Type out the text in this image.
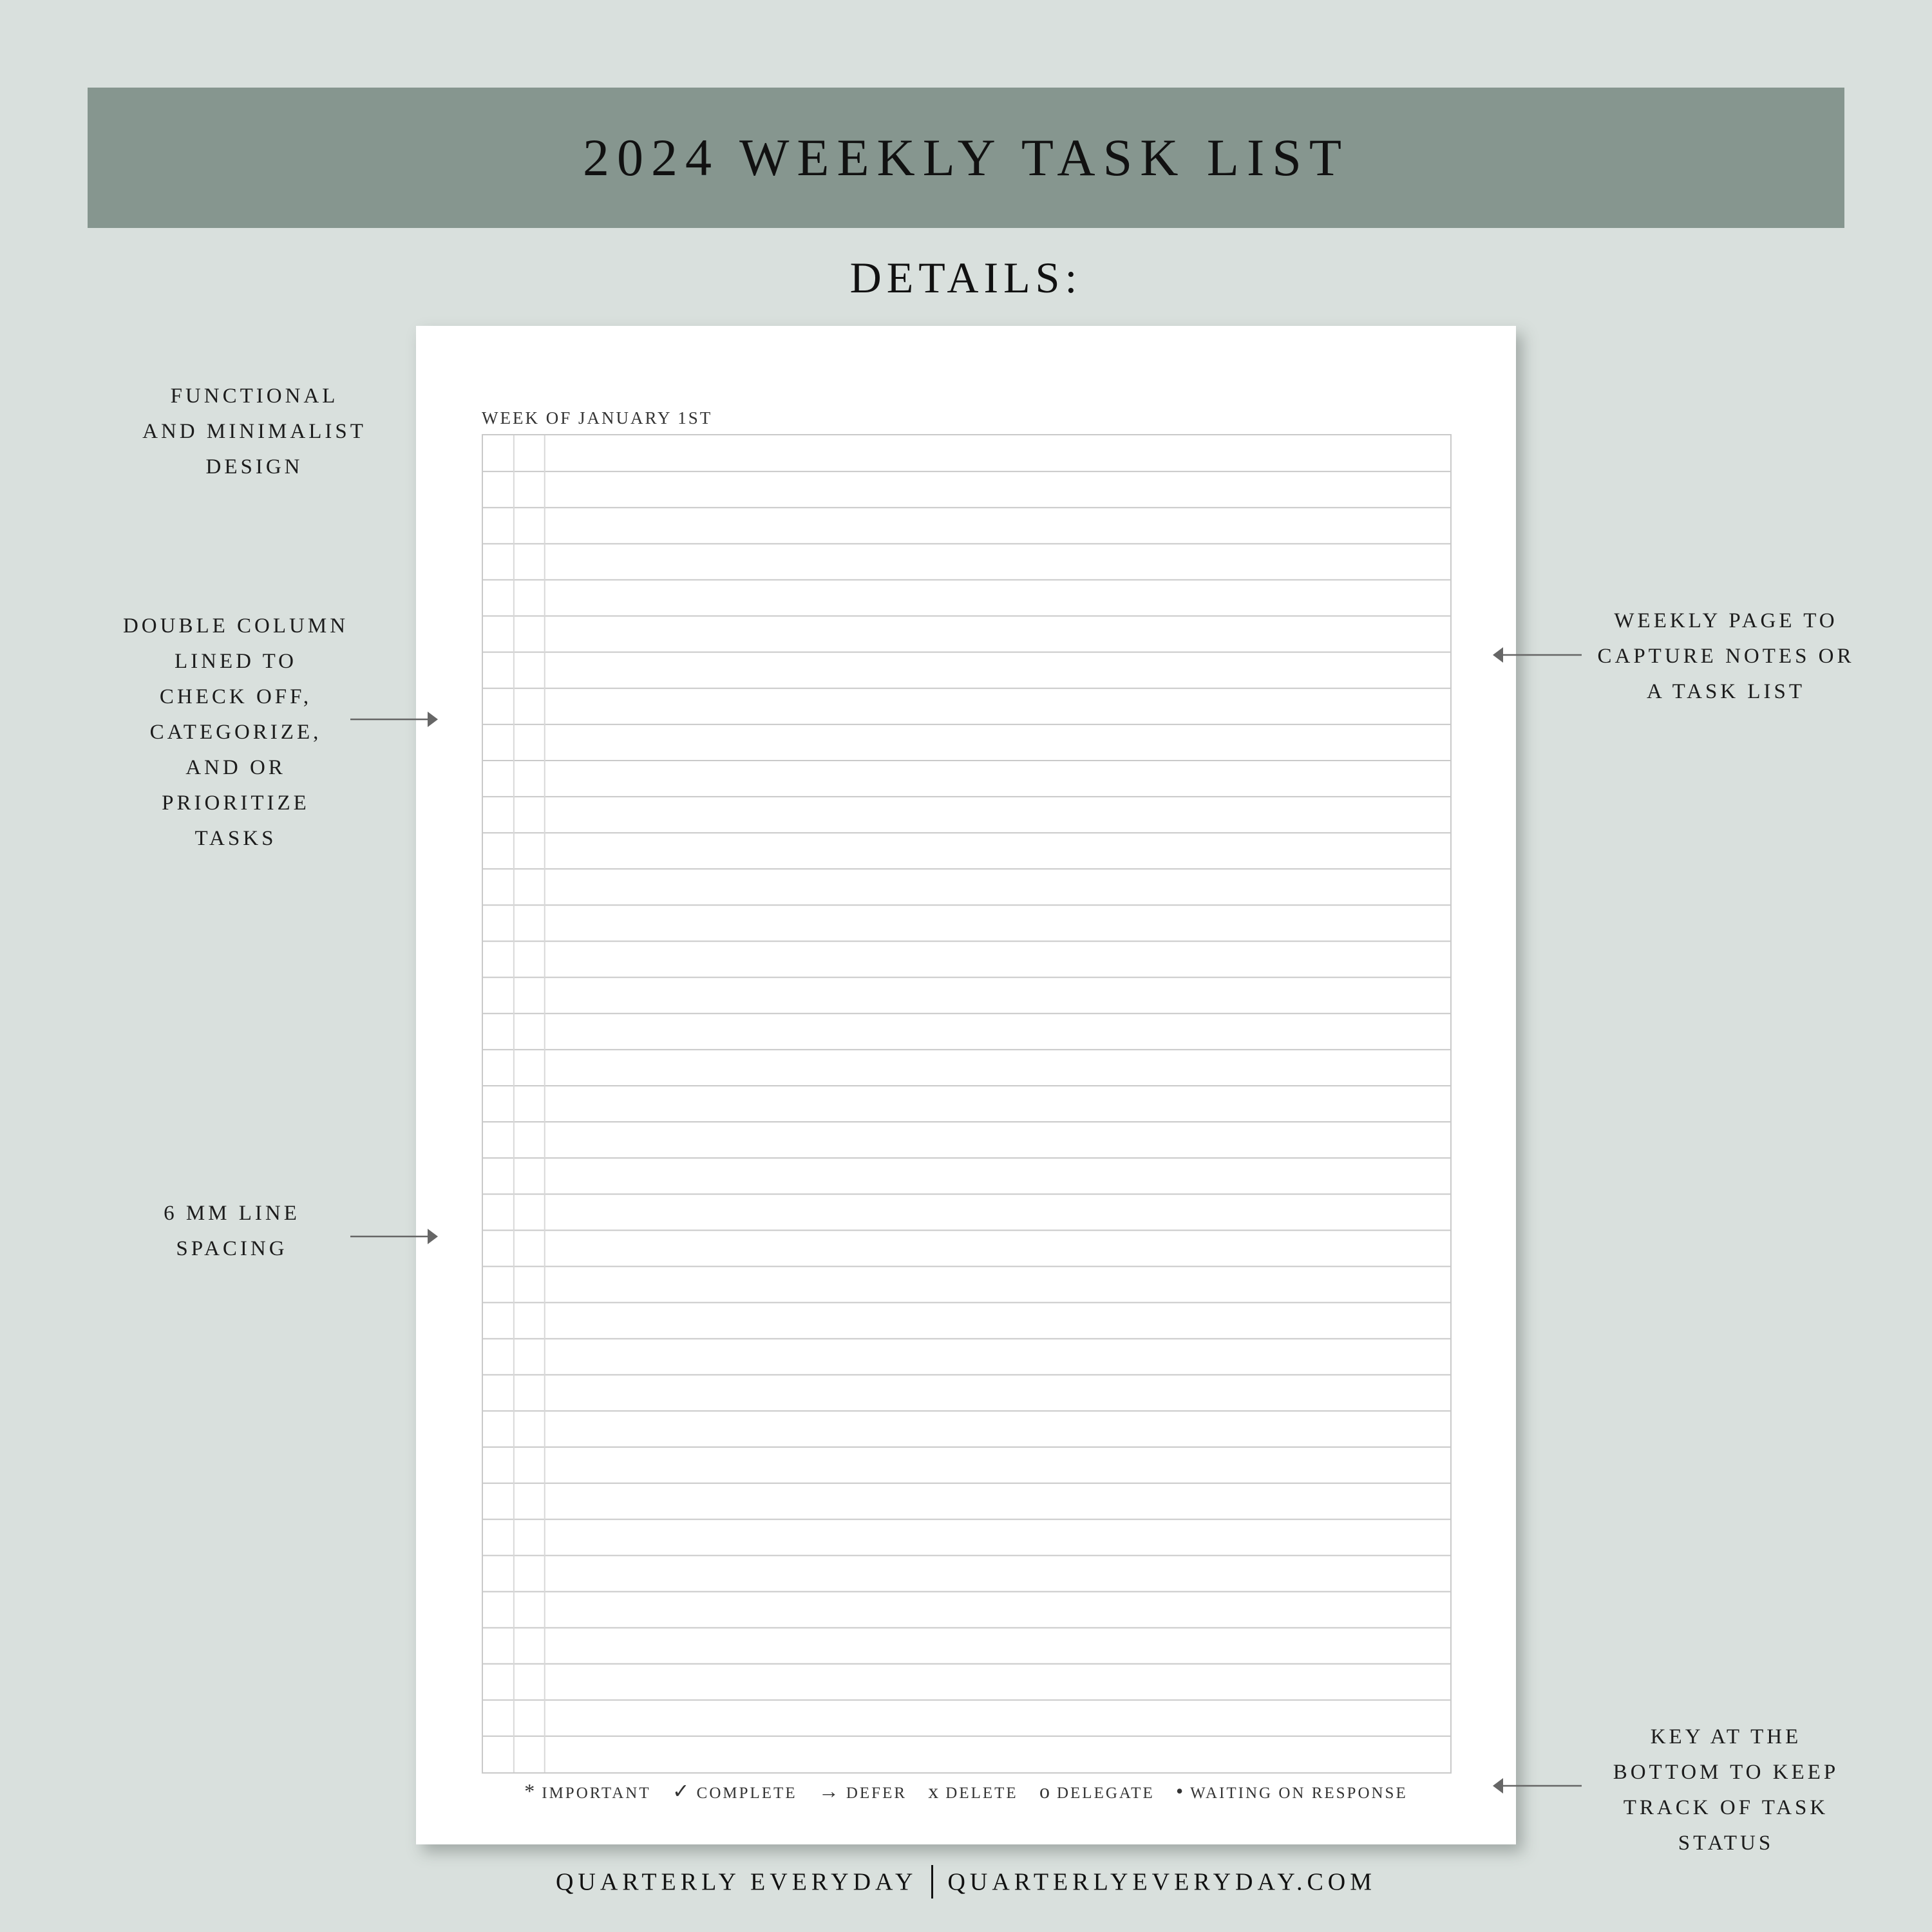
2024 WEEKLY TASK LIST
DETAILS:
WEEK OF JANUARY 1ST
* IMPORTANT ✓ COMPLETE → DEFER x DELETE o DELEGATE • WAITING ON RESPONSE
FUNCTIONAL
AND MINIMALIST
DESIGN
DOUBLE COLUMN
LINED TO
CHECK OFF,
CATEGORIZE,
AND OR
PRIORITIZE
TASKS
6 MM LINE
SPACING
WEEKLY PAGE TO
CAPTURE NOTES OR
A TASK LIST
KEY AT THE
BOTTOM TO KEEP
TRACK OF TASK
STATUS
QUARTERLY EVERYDAY QUARTERLYEVERYDAY.COM
